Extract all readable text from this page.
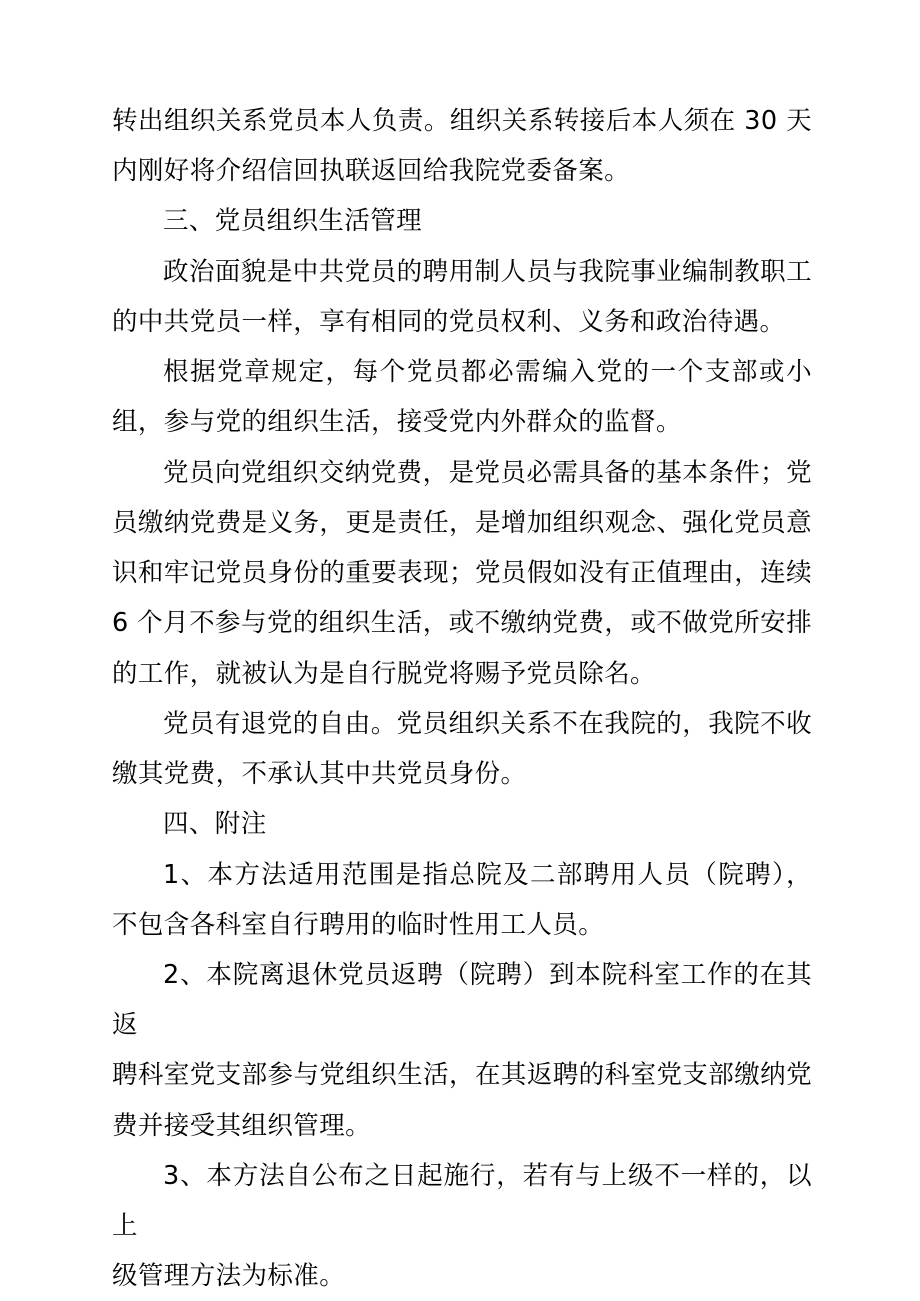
转出组织关系党员本人负责。组织关系转接后本人须在 30 天内刚好将介绍信回执联返回给我院党委备案。

三、党员组织生活管理

政治面貌是中共党员的聘用制人员与我院事业编制教职工的中共党员一样，享有相同的党员权利、义务和政治待遇。

根据党章规定，每个党员都必需编入党的一个支部或小组，参与党的组织生活，接受党内外群众的监督。

党员向党组织交纳党费，是党员必需具备的基本条件；党员缴纳党费是义务，更是责任，是增加组织观念、强化党员意识和牢记党员身份的重要表现；党员假如没有正值理由，连续 6 个月不参与党的组织生活，或不缴纳党费，或不做党所安排的工作，就被认为是自行脱党将赐予党员除名。

党员有退党的自由。党员组织关系不在我院的，我院不收缴其党费，不承认其中共党员身份。

四、附注

1、本方法适用范围是指总院及二部聘用人员（院聘），不包含各科室自行聘用的临时性用工人员。

2、本院离退休党员返聘（院聘）到本院科室工作的在其返

聘科室党支部参与党组织生活，在其返聘的科室党支部缴纳党费并接受其组织管理。

3、本方法自公布之日起施行，若有与上级不一样的，以上

级管理方法为标准。
